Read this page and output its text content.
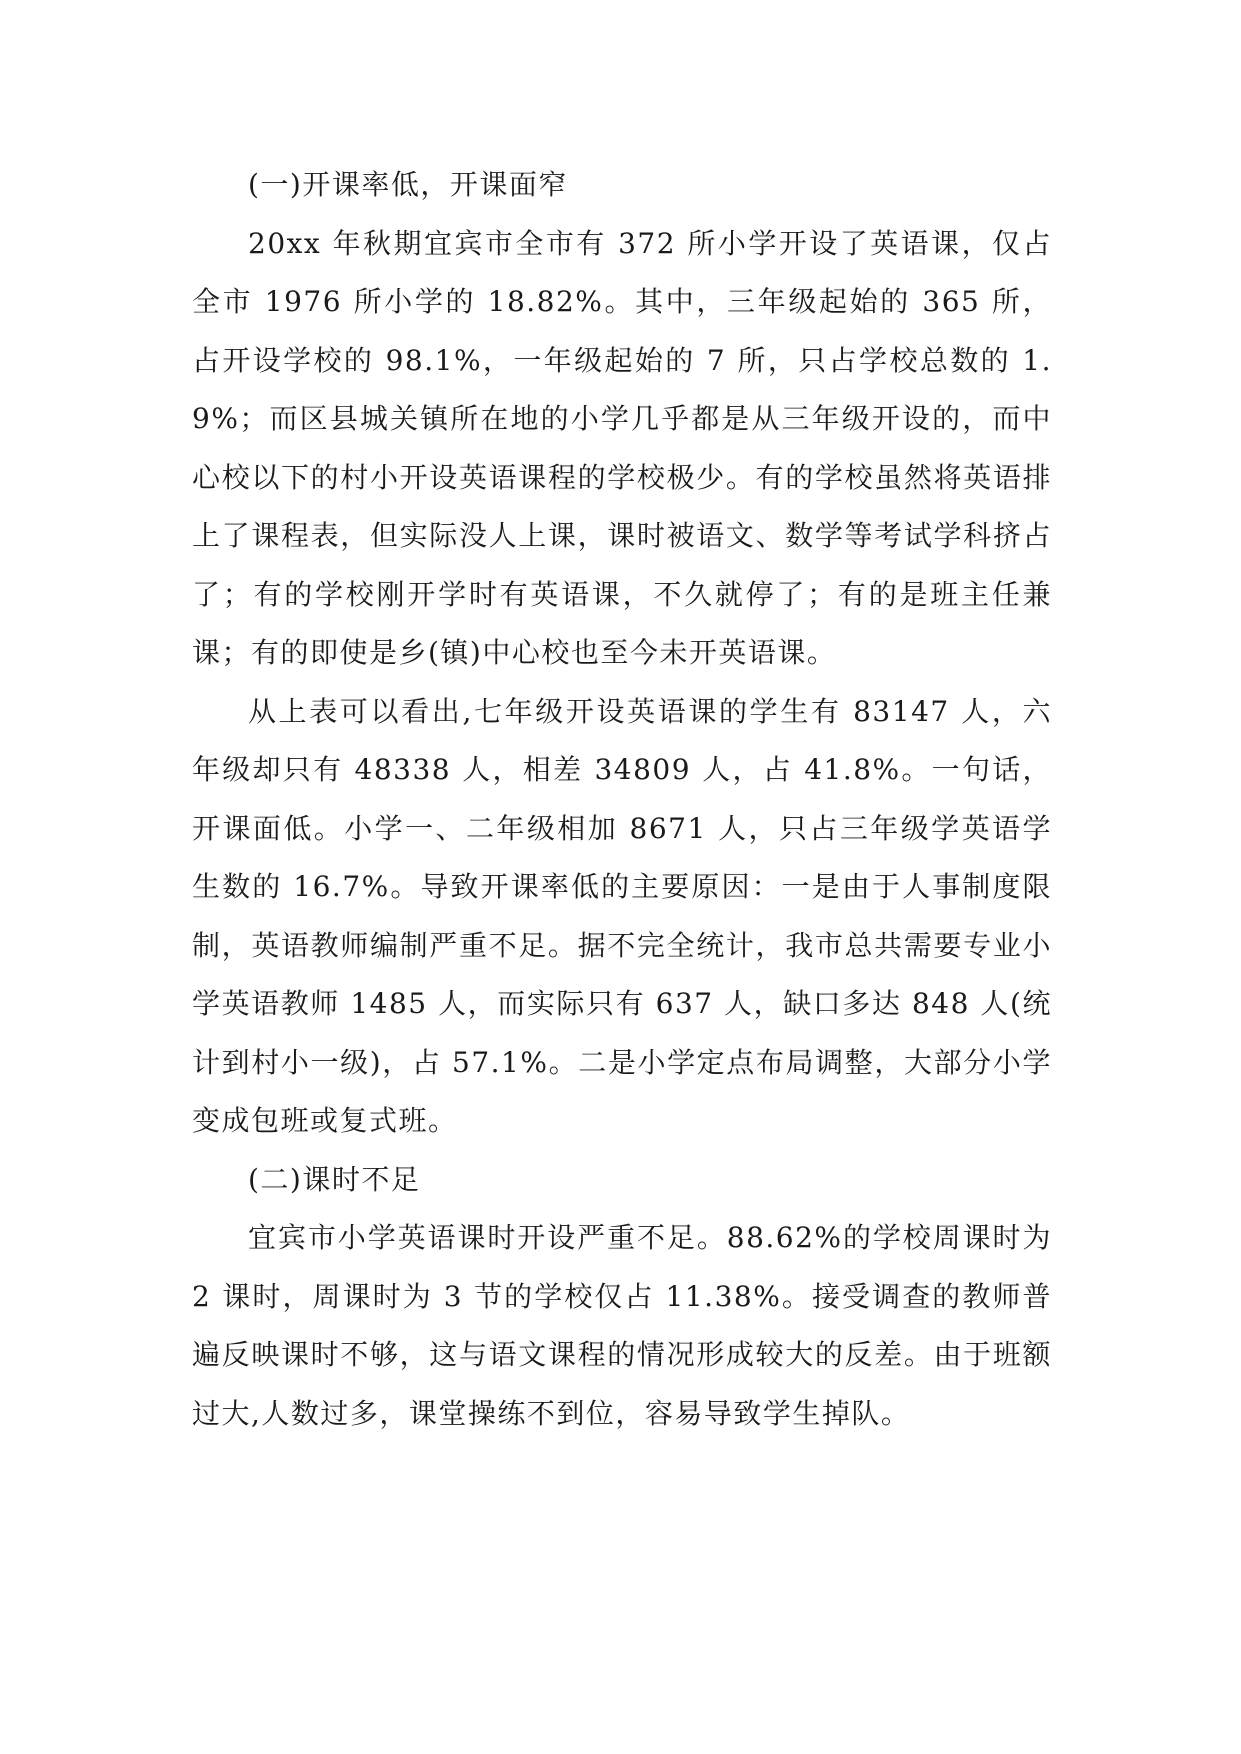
(一)开课率低，开课面窄

20xx 年秋期宜宾市全市有 372 所小学开设了英语课，仅占全市 1976 所小学的 18.82%。其中，三年级起始的 365 所，占开设学校的 98.1%，一年级起始的 7 所，只占学校总数的 1.9%；而区县城关镇所在地的小学几乎都是从三年级开设的，而中心校以下的村小开设英语课程的学校极少。有的学校虽然将英语排上了课程表，但实际没人上课，课时被语文、数学等考试学科挤占了；有的学校刚开学时有英语课，不久就停了；有的是班主任兼课；有的即使是乡(镇)中心校也至今未开英语课。

从上表可以看出,七年级开设英语课的学生有 83147 人，六年级却只有 48338 人，相差 34809 人，占 41.8%。一句话，开课面低。小学一、二年级相加 8671 人，只占三年级学英语学生数的 16.7%。导致开课率低的主要原因：一是由于人事制度限制，英语教师编制严重不足。据不完全统计，我市总共需要专业小学英语教师 1485 人，而实际只有 637 人，缺口多达 848 人(统计到村小一级)，占 57.1%。二是小学定点布局调整，大部分小学变成包班或复式班。

(二)课时不足

宜宾市小学英语课时开设严重不足。88.62%的学校周课时为 2 课时，周课时为 3 节的学校仅占 11.38%。接受调查的教师普遍反映课时不够，这与语文课程的情况形成较大的反差。由于班额过大,人数过多，课堂操练不到位，容易导致学生掉队。
